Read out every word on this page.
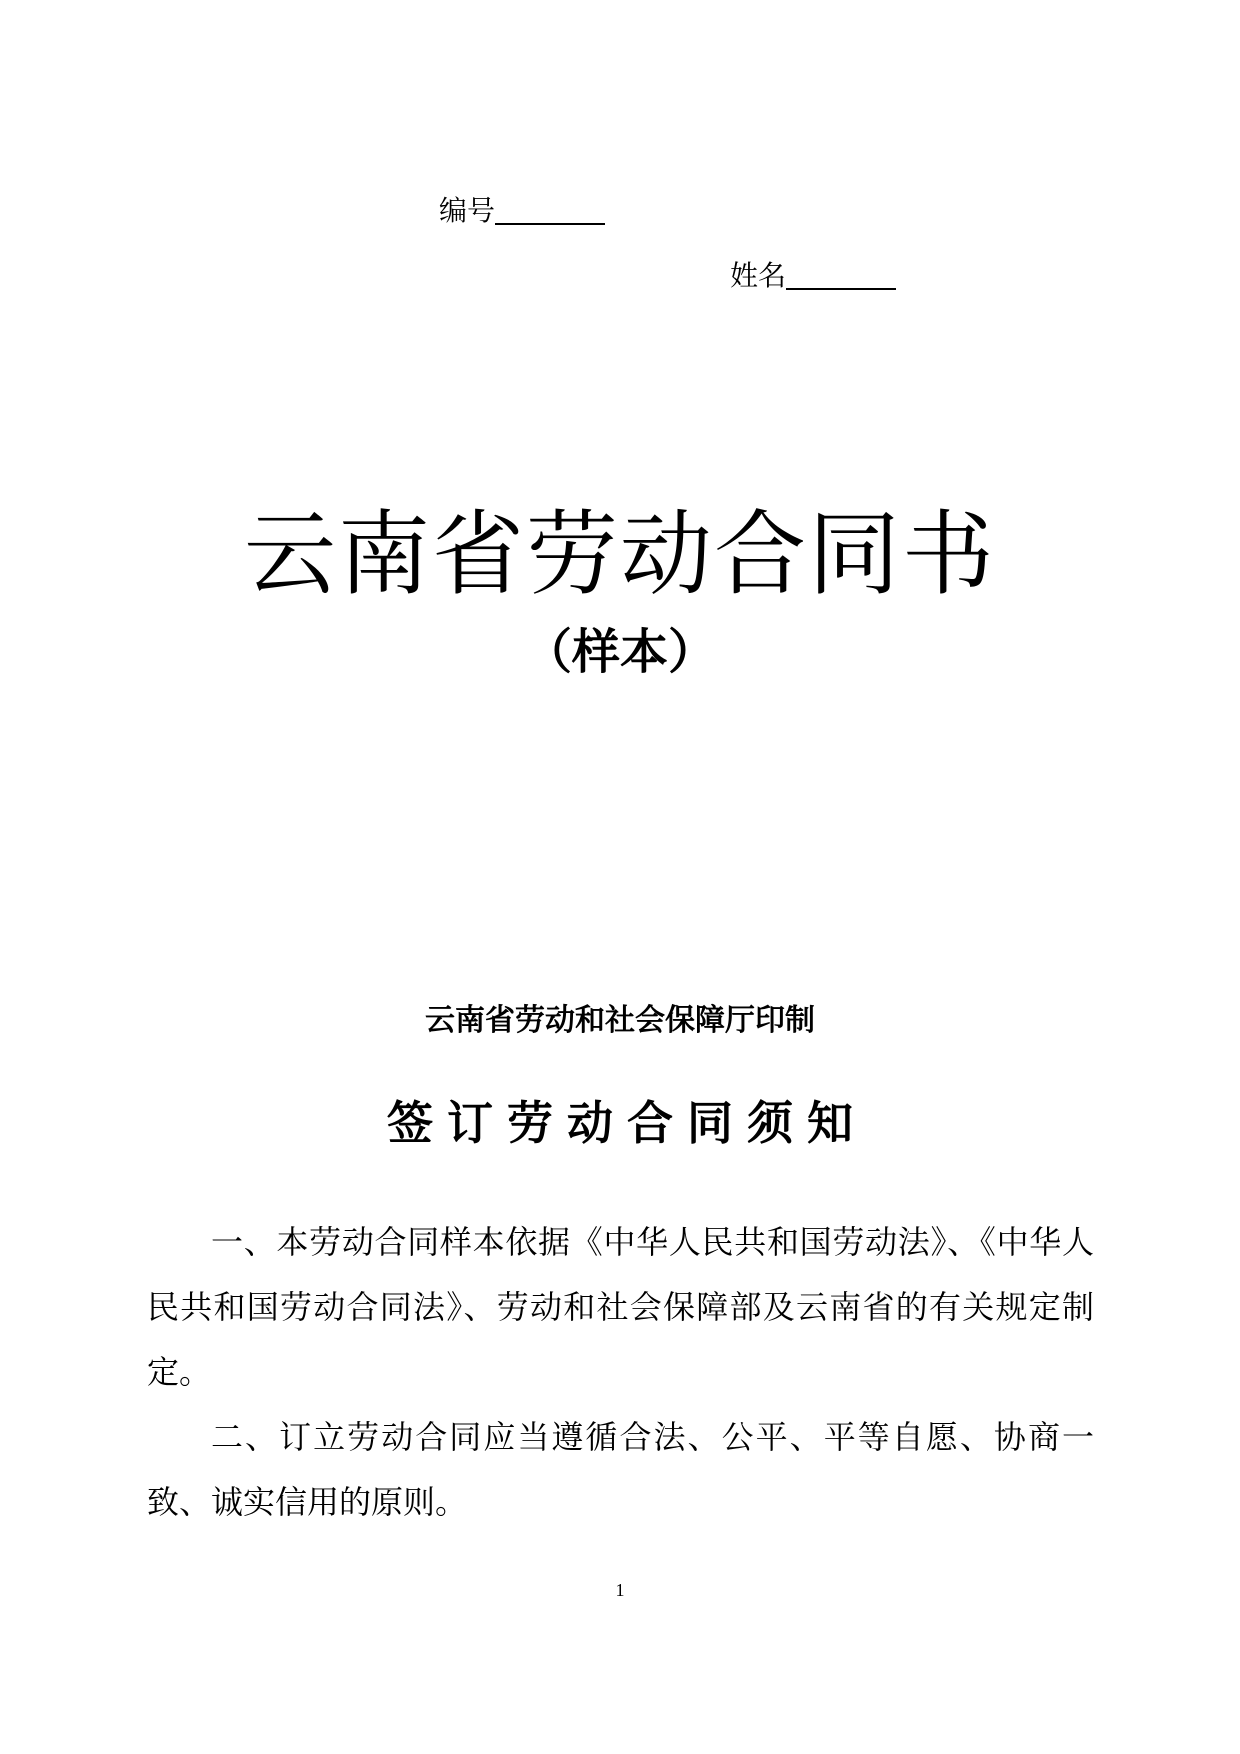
编号
姓名
云南省劳动合同书
（样本）
云南省劳动和社会保障厅印制
签订劳动合同须知

一、本劳动合同样本依据《中华人民共和国劳动法》、《中华人民共和国劳动合同法》、劳动和社会保障部及云南省的有关规定制定。

二、订立劳动合同应当遵循合法、公平、平等自愿、协商一致、诚实信用的原则。

1
